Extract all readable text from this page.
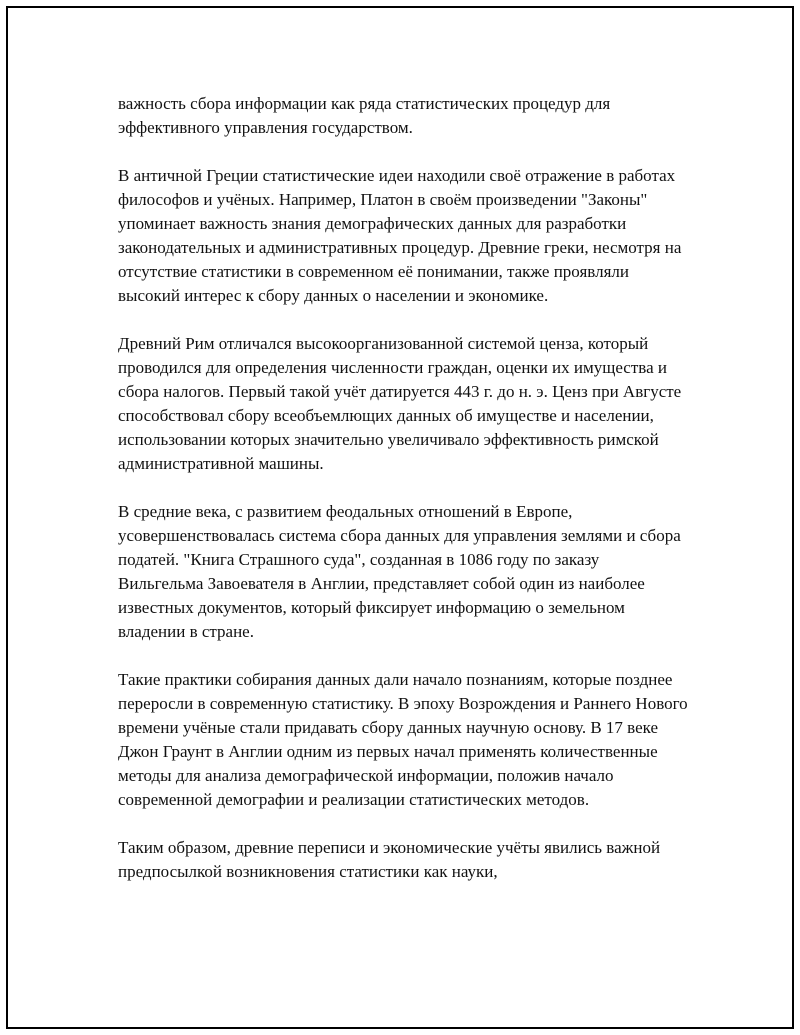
важность сбора информации как ряда статистических процедур для эффективного управления государством.

В античной Греции статистические идеи находили своё отражение в работах философов и учёных. Например, Платон в своём произведении "Законы" упоминает важность знания демографических данных для разработки законодательных и административных процедур. Древние греки, несмотря на отсутствие статистики в современном её понимании, также проявляли высокий интерес к сбору данных о населении и экономике.

Древний Рим отличался высокоорганизованной системой ценза, который проводился для определения численности граждан, оценки их имущества и сбора налогов. Первый такой учёт датируется 443 г. до н. э. Ценз при Августе способствовал сбору всеобъемлющих данных об имуществе и населении, использовании которых значительно увеличивало эффективность римской административной машины.

В средние века, с развитием феодальных отношений в Европе, усовершенствовалась система сбора данных для управления землями и сбора податей. "Книга Страшного суда", созданная в 1086 году по заказу Вильгельма Завоевателя в Англии, представляет собой один из наиболее известных документов, который фиксирует информацию о земельном владении в стране.

Такие практики собирания данных дали начало познаниям, которые позднее переросли в современную статистику. В эпоху Возрождения и Раннего Нового времени учёные стали придавать сбору данных научную основу. В 17 веке Джон Граунт в Англии одним из первых начал применять количественные методы для анализа демографической информации, положив начало современной демографии и реализации статистических методов.

Таким образом, древние переписи и экономические учёты явились важной предпосылкой возникновения статистики как науки,
